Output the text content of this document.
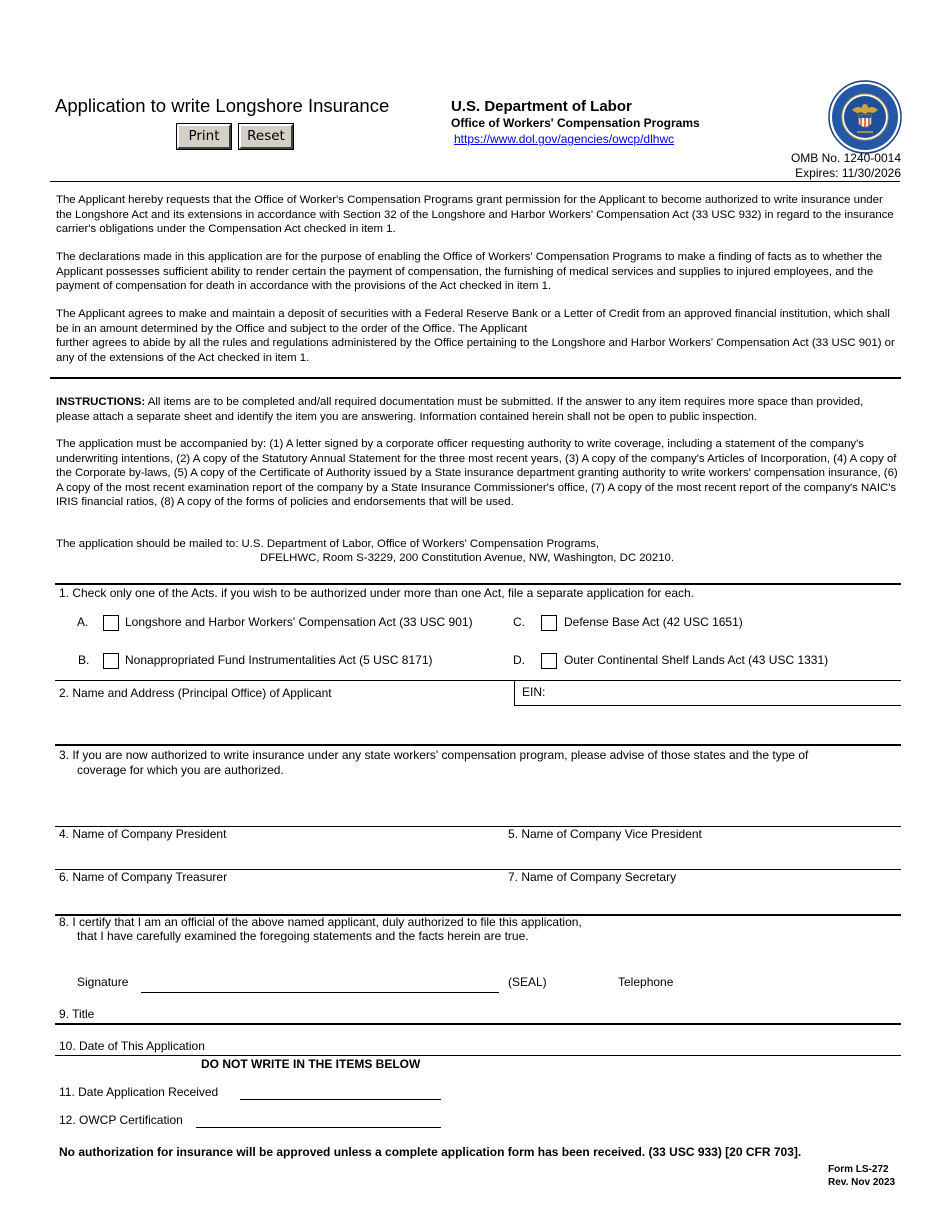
Application to write Longshore Insurance
Print	Reset
U.S. Department of Labor
Office of Workers' Compensation Programs
https://www.dol.gov/agencies/owcp/dlhwc
OMB No. 1240-0014
Expires: 11/30/2026
The Applicant hereby requests that the Office of Worker's Compensation Programs grant permission for the Applicant to become authorized to write insurance under the Longshore Act and its extensions in accordance with Section 32 of the Longshore and Harbor Workers' Compensation Act (33 USC 932) in regard to the insurance carrier's obligations under the Compensation Act checked in item 1.
The declarations made in this application are for the purpose of enabling the Office of Workers' Compensation Programs to make a finding of facts as to whether the Applicant possesses sufficient ability to render certain the payment of compensation, the furnishing of medical services and supplies to injured employees, and the payment of compensation for death in accordance with the provisions of the Act checked in item 1.
The Applicant agrees to make and maintain a deposit of securities with a Federal Reserve Bank or a Letter of Credit from an approved financial institution, which shall be in an amount determined by the Office and subject to the order of the Office. The Applicant
further agrees to abide by all the rules and regulations administered by the Office pertaining to the Longshore and Harbor Workers' Compensation Act (33 USC 901) or any of the extensions of the Act checked in item 1.
INSTRUCTIONS: All items are to be completed and/all required documentation must be submitted. If the answer to any item requires more space than provided, please attach a separate sheet and identify the item you are answering. Information contained herein shall not be open to public inspection.
The application must be accompanied by: (1) A letter signed by a corporate officer requesting authority to write coverage, including a statement of the company's underwriting intentions, (2) A copy of the Statutory Annual Statement for the three most recent years, (3) A copy of the company's Articles of Incorporation, (4) A copy of the Corporate by-laws, (5) A copy of the Certificate of Authority issued by a State insurance department granting authority to write workers' compensation insurance, (6) A copy of the most recent examination report of the company by a State Insurance Commissioner's office, (7) A copy of the most recent report of the company's NAIC's IRIS financial ratios, (8) A copy of the forms of policies and endorsements that will be used.
The application should be mailed to: U.S. Department of Labor, Office of Workers' Compensation Programs,
DFELHWC, Room S-3229, 200 Constitution Avenue, NW, Washington, DC 20210.
1. Check only one of the Acts. if you wish to be authorized under more than one Act, file a separate application for each.
A.	Longshore and Harbor Workers' Compensation Act (33 USC 901)	C.	Defense Base Act (42 USC 1651)
B.	Nonappropriated Fund Instrumentalities Act (5 USC 8171)	D.	Outer Continental Shelf Lands Act (43 USC 1331)
2. Name and Address (Principal Office) of Applicant	EIN:
3. If you are now authorized to write insurance under any state workers' compensation program, please advise of those states and the type of
coverage for which you are authorized.
4. Name of Company President	5. Name of Company Vice President
6. Name of Company Treasurer	7. Name of Company Secretary
8. I certify that I am an official of the above named applicant, duly authorized to file this application,
that I have carefully examined the foregoing statements and the facts herein are true.
Signature	(SEAL)	Telephone
9. Title
10. Date of This Application
DO NOT WRITE IN THE ITEMS BELOW
11. Date Application Received
12. OWCP Certification
No authorization for insurance will be approved unless a complete application form has been received. (33 USC 933) [20 CFR 703].
Form LS-272
Rev. Nov 2023
